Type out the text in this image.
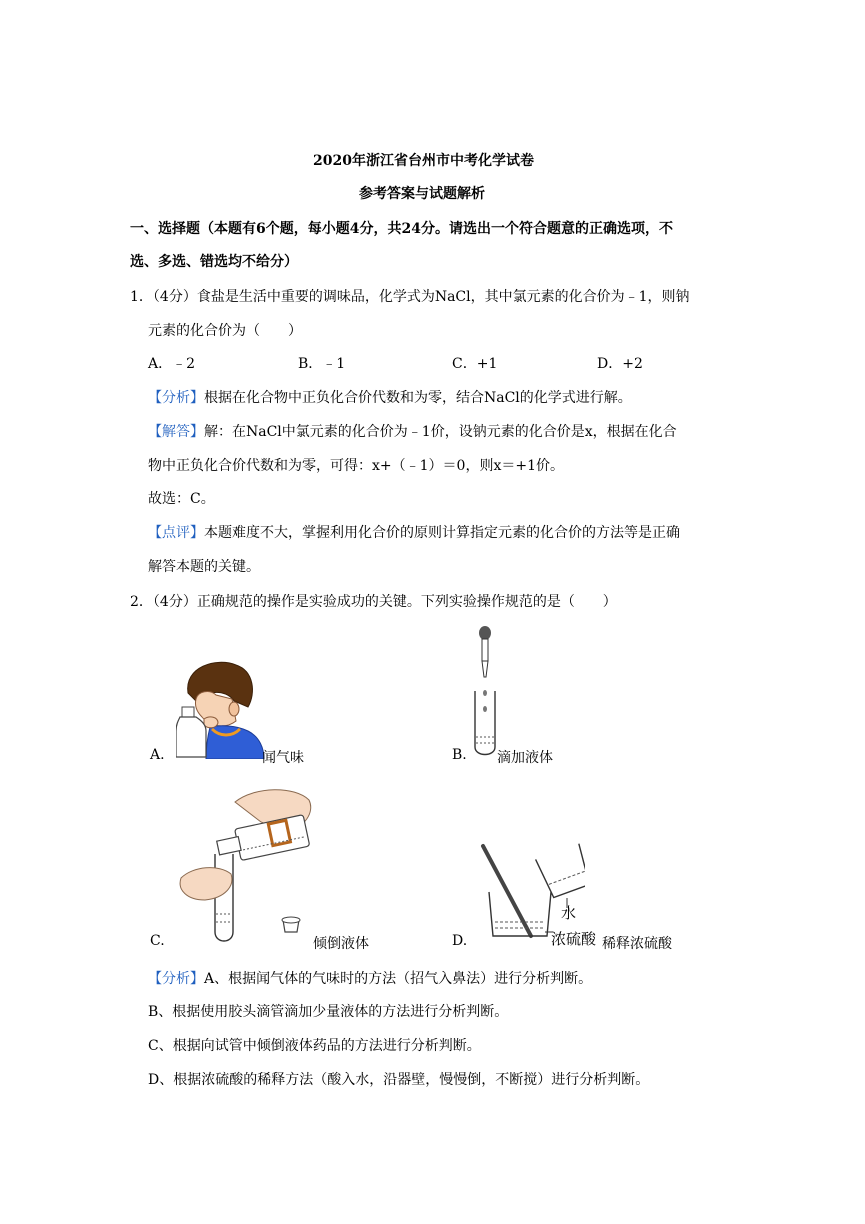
2020年浙江省台州市中考化学试卷
参考答案与试题解析
一、选择题（本题有6个题，每小题4分，共24分。请选出一个符合题意的正确选项，不
选、多选、错选均不给分）
1．（4分）食盐是生活中重要的调味品，化学式为NaCl，其中氯元素的化合价为﹣1，则钠
元素的化合价为（　　）
A．﹣2	B．﹣1	C．+1	D．+2
【分析】根据在化合物中正负化合价代数和为零，结合NaCl的化学式进行解。
【解答】解：在NaCl中氯元素的化合价为﹣1价，设钠元素的化合价是x，根据在化合
物中正负化合价代数和为零，可得：x+（﹣1）＝0，则x＝+1价。
故选：C。
【点评】本题难度不大，掌握利用化合价的原则计算指定元素的化合价的方法等是正确
解答本题的关键。
2．（4分）正确规范的操作是实验成功的关键。下列实验操作规范的是（　　）
A.	闻气味	B. 滴加液体
C.	倾倒液体
水
浓硫酸
D.	稀释浓硫酸
【分析】A、根据闻气体的气味时的方法（招气入鼻法）进行分析判断。
B、根据使用胶头滴管滴加少量液体的方法进行分析判断。
C、根据向试管中倾倒液体药品的方法进行分析判断。
D、根据浓硫酸的稀释方法（酸入水，沿器壁，慢慢倒，不断搅）进行分析判断。
